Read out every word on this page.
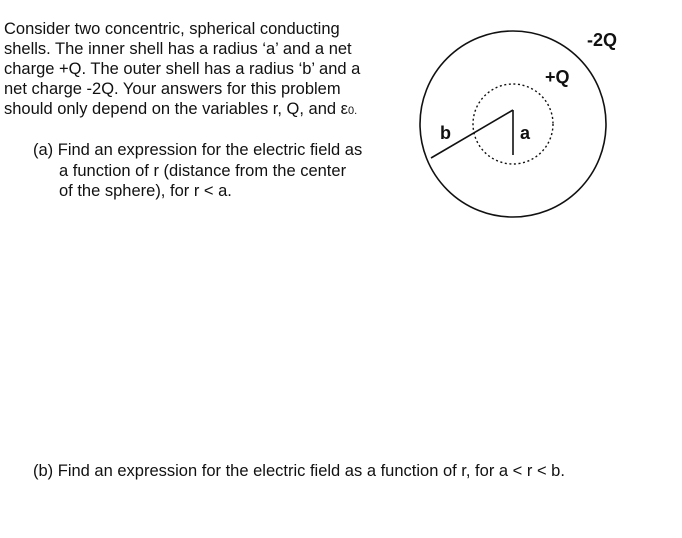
Consider two concentric, spherical conducting
shells. The inner shell has a radius ‘a’ and a net
charge +Q. The outer shell has a radius ‘b’ and a
net charge -2Q. Your answers for this problem
should only depend on the variables r, Q, and ε0.
(a) Find an expression for the electric field as
a function of r (distance from the center
of the sphere), for r < a.
(b) Find an expression for the electric field as a function of r, for a < r < b.
-2Q
+Q
b	a
